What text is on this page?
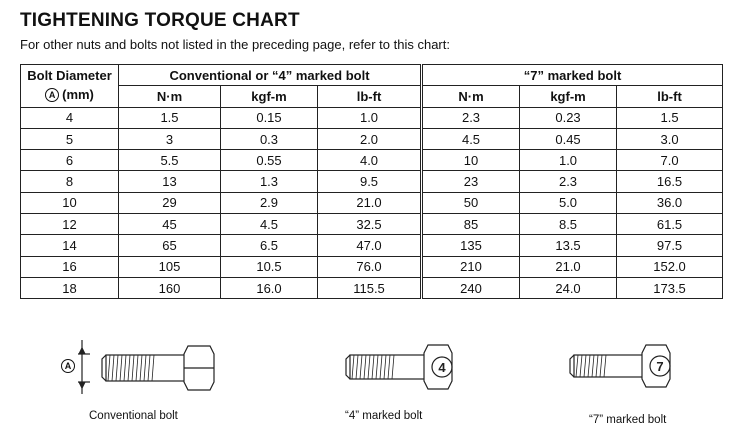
TIGHTENING TORQUE CHART
For other nuts and bolts not listed in the preceding page, refer to this chart:
Bolt Diameter
A (mm)	Conventional or “4” marked bolt			“7” marked bolt		
	N·m	kgf-m	lb-ft	N·m	kgf-m	lb-ft
4	1.5	0.15	1.0	2.3	0.23	1.5
5	3	0.3	2.0	4.5	0.45	3.0
6	5.5	0.55	4.0	10	1.0	7.0
8	13	1.3	9.5	23	2.3	16.5
10	29	2.9	21.0	50	5.0	36.0
12	45	4.5	32.5	85	8.5	61.5
14	65	6.5	47.0	135	13.5	97.5
16	105	10.5	76.0	210	21.0	152.0
18	160	16.0	115.5	240	24.0	173.5
A
Conventional bolt
4
“4” marked bolt
7
“7” marked bolt
